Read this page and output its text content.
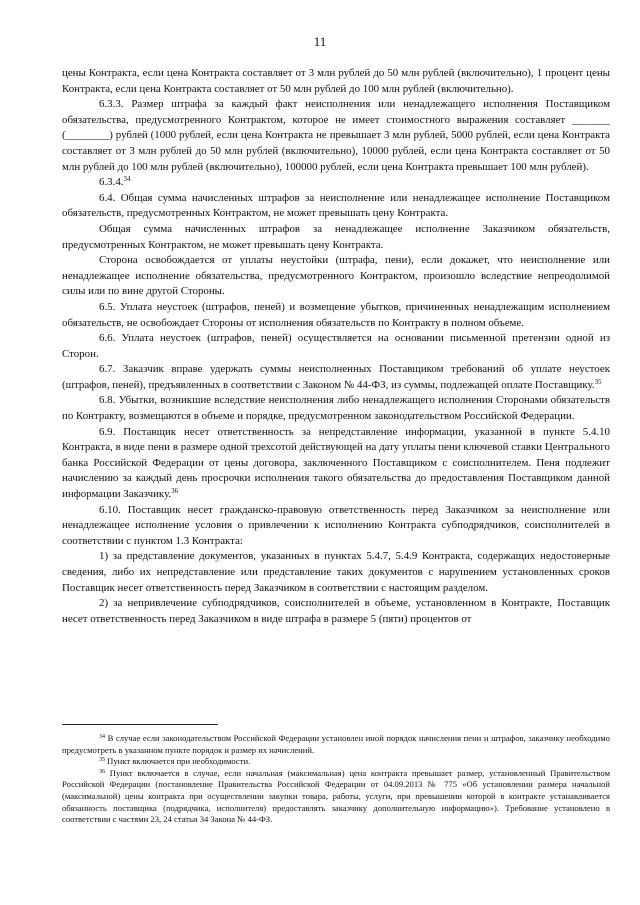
11

цены Контракта, если цена Контракта составляет от 3 млн рублей до 50 млн рублей (включительно), 1 процент цены Контракта, если цена Контракта составляет от 50 млн рублей до 100 млн рублей (включительно).

6.3.3. Размер штрафа за каждый факт неисполнения или ненадлежащего исполнения Поставщиком обязательства, предусмотренного Контрактом, которое не имеет стоимостного выражения составляет _______ (________) рублей (1000 рублей, если цена Контракта не превышает 3 млн рублей, 5000 рублей, если цена Контракта составляет от 3 млн рублей до 50 млн рублей (включительно), 10000 рублей, если цена Контракта составляет от 50 млн рублей до 100 млн рублей (включительно), 100000 рублей, если цена Контракта превышает 100 млн рублей).

6.3.4.34

6.4. Общая сумма начисленных штрафов за неисполнение или ненадлежащее исполнение Поставщиком обязательств, предусмотренных Контрактом, не может превышать цену Контракта.

Общая сумма начисленных штрафов за ненадлежащее исполнение Заказчиком обязательств, предусмотренных Контрактом, не может превышать цену Контракта.

Сторона освобождается от уплаты неустойки (штрафа, пени), если докажет, что неисполнение или ненадлежащее исполнение обязательства, предусмотренного Контрактом, произошло вследствие непреодолимой силы или по вине другой Стороны.

6.5. Уплата неустоек (штрафов, пеней) и возмещение убытков, причиненных ненадлежащим исполнением обязательств, не освобождает Стороны от исполнения обязательств по Контракту в полном объеме.

6.6. Уплата неустоек (штрафов, пеней) осуществляется на основании письменной претензии одной из Сторон.

6.7. Заказчик вправе удержать суммы неисполненных Поставщиком требований об уплате неустоек (штрафов, пеней), предъявленных в соответствии с Законом № 44-ФЗ, из суммы, подлежащей оплате Поставщику.$^{35}$

6.8. Убытки, возникшие вследствие неисполнения либо ненадлежащего исполнения Сторонами обязательств по Контракту, возмещаются в объеме и порядке, предусмотренном законодательством Российской Федерации.

6.9. Поставщик несет ответственность за непредставление информации, указанной в пункте 5.4.10 Контракта, в виде пени в размере одной трехсотой действующей на дату уплаты пени ключевой ставки Центрального банка Российской Федерации от цены договора, заключенного Поставщиком с соисполнителем. Пеня подлежит начислению за каждый день просрочки исполнения такого обязательства до предоставления Поставщиком данной информации Заказчику.$^{36}$

6.10. Поставщик несет гражданско-правовую ответственность перед Заказчиком за неисполнение или ненадлежащее исполнение условия о привлечении к исполнению Контракта субподрядчиков, соисполнителей в соответствии с пунктом 1.3 Контракта:

1) за представление документов, указанных в пунктах 5.4.7, 5.4.9 Контракта, содержащих недостоверные сведения, либо их непредставление или представление таких документов с нарушением установленных сроков Поставщик несет ответственность перед Заказчиком в соответствии с настоящим разделом.

2) за непривлечение субподрядчиков, соисполнителей в объеме, установленном в Контракте, Поставщик несет ответственность перед Заказчиком в виде штрафа в размере 5 (пяти) процентов от

$^{34}$ В случае если законодательством Российской Федерации установлен иной порядок начисления пени и штрафов, заказчику необходимо предусмотреть в указанном пункте порядок и размер их начислений.

$^{35}$ Пункт включается при необходимости.

$^{36}$ Пункт включается в случае, если начальная (максимальная) цена контракта превышает размер, установленный Правительством Российской Федерации (постановление Правительства Российской Федерации от 04.09.2013 № 775 «Об установлении размера начальной (максимальной) цены контракта при осуществлении закупки товара, работы, услуги, при превышении которой в контракте устанавливается обязанность поставщика (подрядчика, исполнителя) предоставлять заказчику дополнительную информацию»). Требование установлено в соответствии с частями 23, 24 статьи 34 Закона № 44-ФЗ.
